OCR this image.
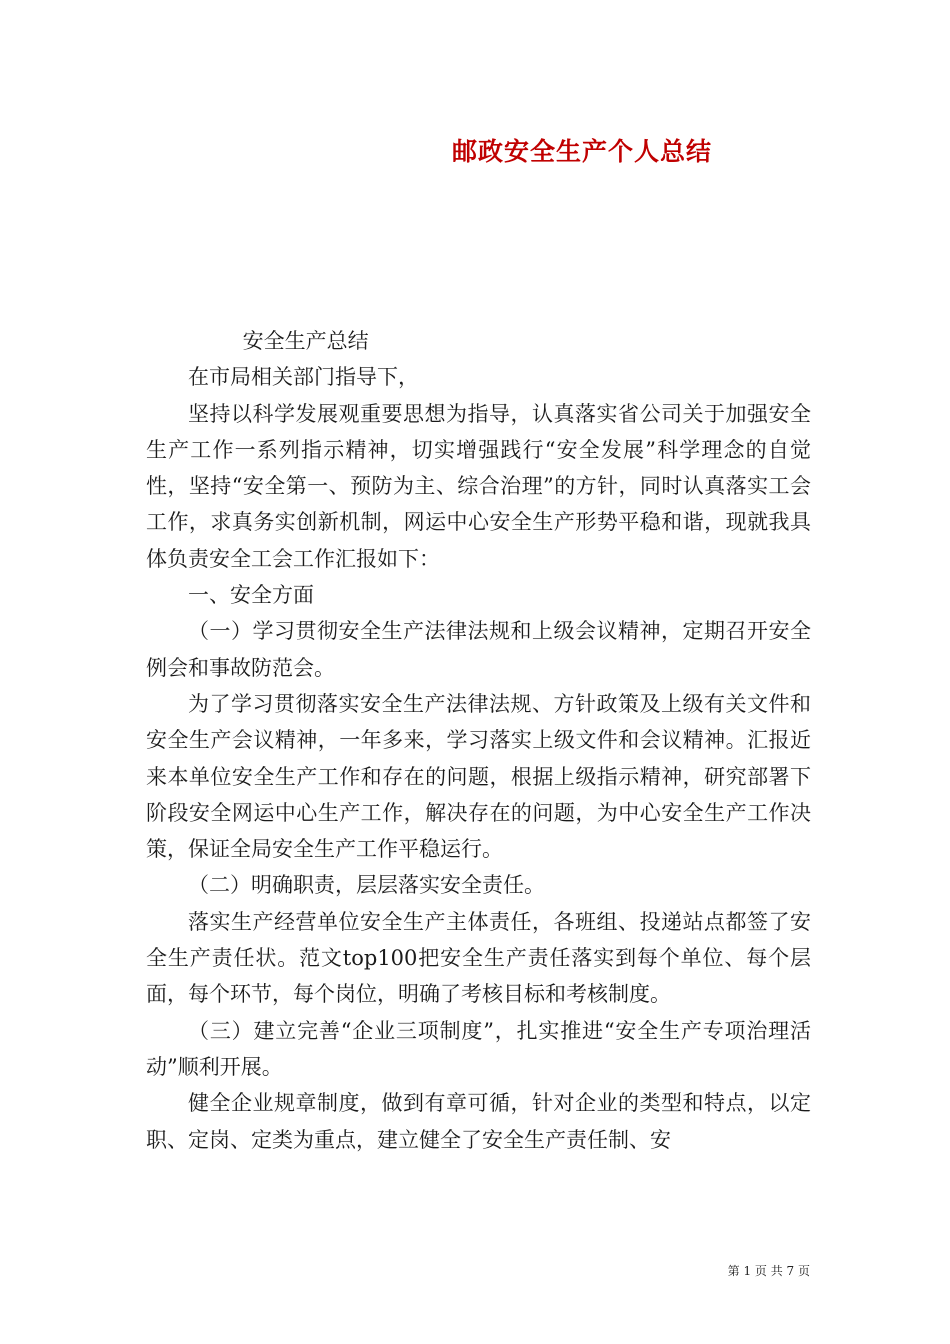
邮政安全生产个人总结

安全生产总结

在市局相关部门指导下，

坚持以科学发展观重要思想为指导，认真落实省公司关于加强安全生产工作一系列指示精神，切实增强践行“安全发展”科学理念的自觉性，坚持“安全第一、预防为主、综合治理”的方针，同时认真落实工会工作，求真务实创新机制，网运中心安全生产形势平稳和谐，现就我具体负责安全工会工作汇报如下：

一、安全方面

（一）学习贯彻安全生产法律法规和上级会议精神，定期召开安全例会和事故防范会。

为了学习贯彻落实安全生产法律法规、方针政策及上级有关文件和安全生产会议精神，一年多来，学习落实上级文件和会议精神。汇报近来本单位安全生产工作和存在的问题，根据上级指示精神，研究部署下阶段安全网运中心生产工作，解决存在的问题，为中心安全生产工作决策，保证全局安全生产工作平稳运行。

（二）明确职责，层层落实安全责任。

落实生产经营单位安全生产主体责任，各班组、投递站点都签了安全生产责任状。范文top100把安全生产责任落实到每个单位、每个层面，每个环节，每个岗位，明确了考核目标和考核制度。

（三）建立完善“企业三项制度”，扎实推进“安全生产专项治理活动”顺利开展。

健全企业规章制度，做到有章可循，针对企业的类型和特点，以定职、定岗、定类为重点，建立健全了安全生产责任制、安

第 1 页 共 7 页
